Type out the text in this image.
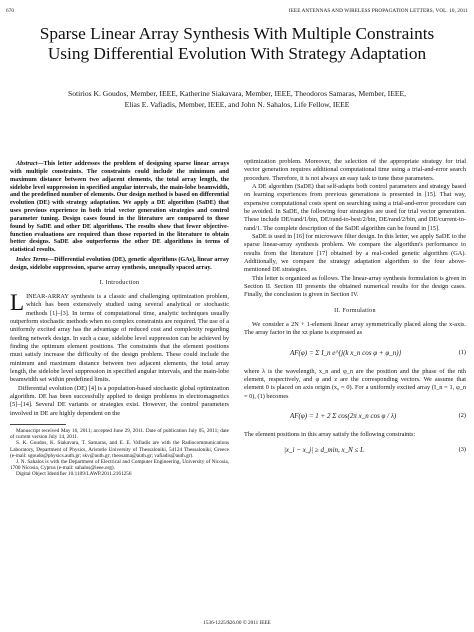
670	IEEE ANTENNAS AND WIRELESS PROPAGATION LETTERS, VOL. 10, 2011
Sparse Linear Array Synthesis With Multiple Constraints Using Differential Evolution With Strategy Adaptation
Sotirios K. Goudos, Member, IEEE, Katherine Siakavara, Member, IEEE, Theodoros Samaras, Member, IEEE,
Elias E. Vafiadis, Member, IEEE, and John N. Sahalos, Life Fellow, IEEE

Abstract—This letter addresses the problem of designing sparse linear arrays with multiple constraints. The constraints could include the minimum and maximum distance between two adjacent elements, the total array length, the sidelobe level suppression in specified angular intervals, the main-lobe beamwidth, and the predefined number of elements. Our design method is based on differential evolution (DE) with strategy adaptation. We apply a DE algorithm (SaDE) that uses previous experience in both trial vector generation strategies and control parameter tuning. Design cases found in the literature are compared to those found by SaDE and other DE algorithms. The results show that fewer objective-function evaluations are required than those reported in the literature to obtain better designs. SaDE also outperforms the other DE algorithms in terms of statistical results.

Index Terms—Differential evolution (DE), genetic algorithms (GAs), linear array design, sidelobe suppression, sparse array synthesis, unequally spaced array.

I. Introduction

LINEAR-ARRAY synthesis is a classic and challenging optimization problem, which has been extensively studied using several analytical or stochastic methods [1]–[3]. In terms of computational time, analytic techniques usually outperform stochastic methods when no complex constraints are required. The use of a uniformly excited array has the advantage of reduced cost and complexity regarding feeding network design. In such a case, sidelobe level suppression can be achieved by finding the optimum element positions. The constraints that the element positions must satisfy increase the difficulty of the design problem. These could include the minimum and maximum distance between two adjacent elements, the total array length, the sidelobe level suppression in specified angular intervals, and the main-lobe beamwidth set within predefined limits.

Differential evolution (DE) [4] is a population-based stochastic global optimization algorithm. DE has been successfully applied to design problems in electromagnetics [5]–[14]. Several DE variants or strategies exist. However, the control parameters involved in DE are highly dependent on the

Manuscript received May 16, 2011; accepted June 29, 2011. Date of publication July 05, 2011; date of current version July 14, 2011.

S. K. Goudos, K. Siakavara, T. Samaras, and E. E. Vafiadis are with the Radiocommunications Laboratory, Department of Physics, Aristotle University of Thessaloniki, 54124 Thessaloniki, Greece (e-mail: sgoudo@physics.auth.gr; skv@auth.gr; theosama@auth.gr; vafiadis@auth.gr).

J. N. Sahalos is with the Department of Electrical and Computer Engineering, University of Nicosia, 1700 Nicosia, Cyprus (e-mail: sahalos@ieee.org).

Digital Object Identifier 10.1109/LAWP.2011.2161256

optimization problem. Moreover, the selection of the appropriate strategy for trial vector generation requires additional computational time using a trial-and-error search procedure. Therefore, it is not always an easy task to tune these parameters.

A DE algorithm (SaDE) that self-adapts both control parameters and strategy based on learning experiences from previous generations is presented in [15]. That way, expensive computational costs spent on searching using a trial-and-error procedure can be avoided. In SaDE, the following four strategies are used for trial vector generation. These include DE/rand/1/bin, DE/rand-to-best/2/bin, DE/rand/2/bin, and DE/current-to-rand/1. The complete description of the SaDE algorithm can be found in [15].

SaDE is used in [16] for microwave filter design. In this letter, we apply SaDE to the sparse linear-array synthesis problem. We compare the algorithm's performance to results from the literature [17] obtained by a real-coded genetic algorithm (GA). Additionally, we compare the strategy adaptation algorithm to the four above-mentioned DE strategies.

This letter is organized as follows. The linear-array synthesis formulation is given in Section II. Section III presents the obtained numerical results for the design cases. Finally, the conclusion is given in Section IV.

II. Formulation

We consider a 2N + 1-element linear array symmetrically placed along the x-axis. The array factor in the xz plane is expressed as

AF(φ) = Σ I_n e^{j(k x_n cos φ + φ_n)}	(1)

where λ is the wavelength, x_n and φ_n are the position and the phase of the nth element, respectively, and φ and z are the corresponding vectors. We assume that element 0 is placed on axis origin (x₀ = 0). For a uniformly excited array (I_n = 1, φ_n = 0), (1) becomes

AF(φ) = 1 + 2 Σ cos(2π x_n cos φ / λ)	(2)

The element positions in this array satisfy the following constraints:

|x_i − x_j| ≥ d_min, x_N ≤ L	(3)
1536-1225/$26.00 © 2011 IEEE
